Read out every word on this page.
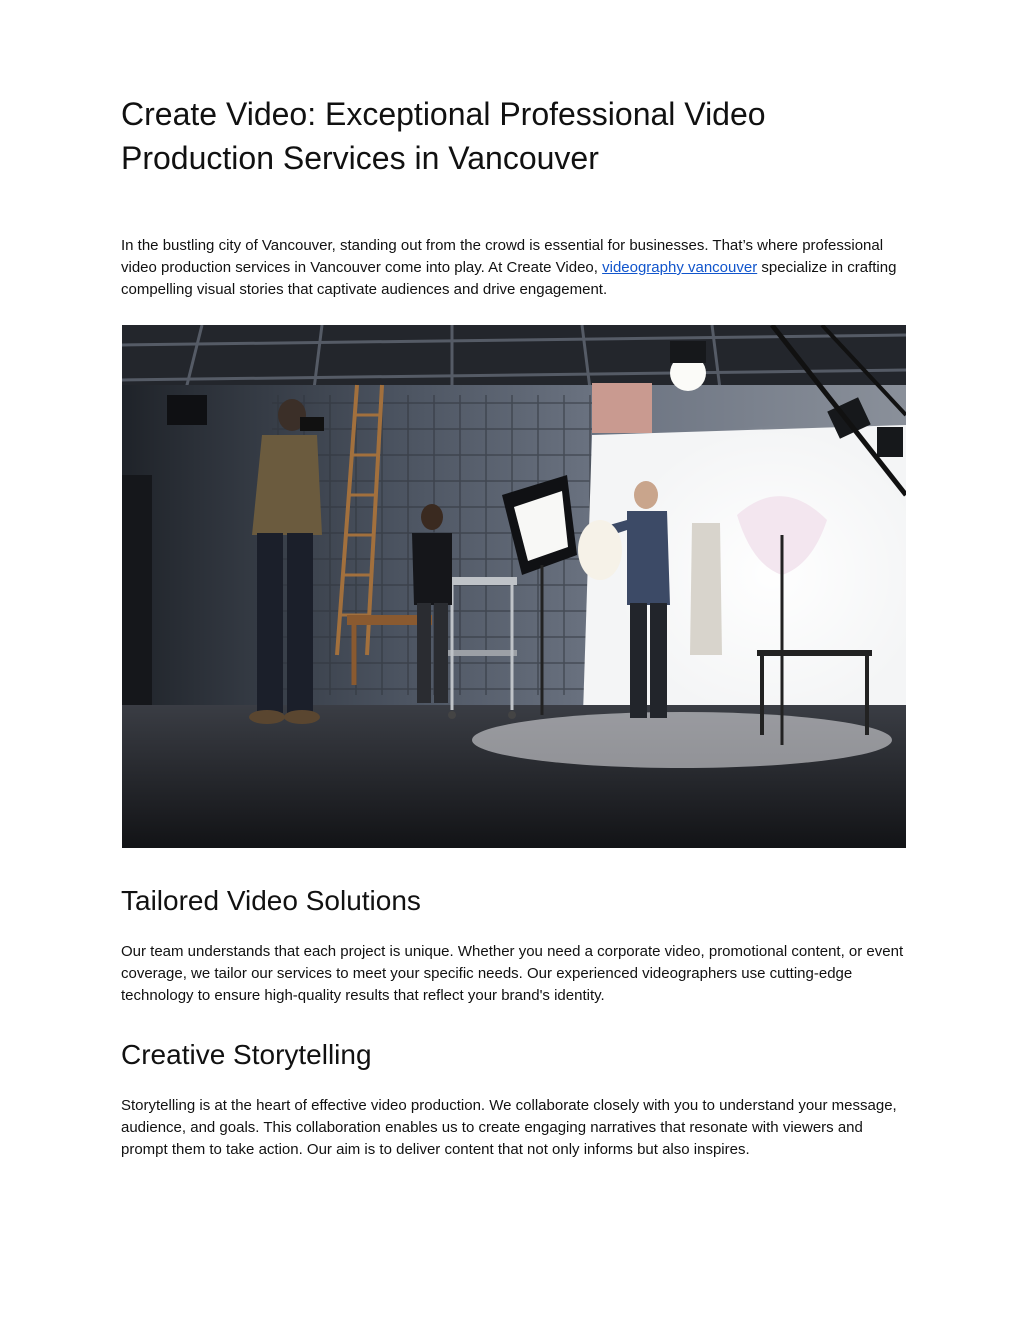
Create Video: Exceptional Professional Video Production Services in Vancouver

In the bustling city of Vancouver, standing out from the crowd is essential for businesses. That’s where professional video production services in Vancouver come into play. At Create Video, videography vancouver specialize in crafting compelling visual stories that captivate audiences and drive engagement.

Tailored Video Solutions

Our team understands that each project is unique. Whether you need a corporate video, promotional content, or event coverage, we tailor our services to meet your specific needs. Our experienced videographers use cutting-edge technology to ensure high-quality results that reflect your brand's identity.

Creative Storytelling

Storytelling is at the heart of effective video production. We collaborate closely with you to understand your message, audience, and goals. This collaboration enables us to create engaging narratives that resonate with viewers and prompt them to take action. Our aim is to deliver content that not only informs but also inspires.
